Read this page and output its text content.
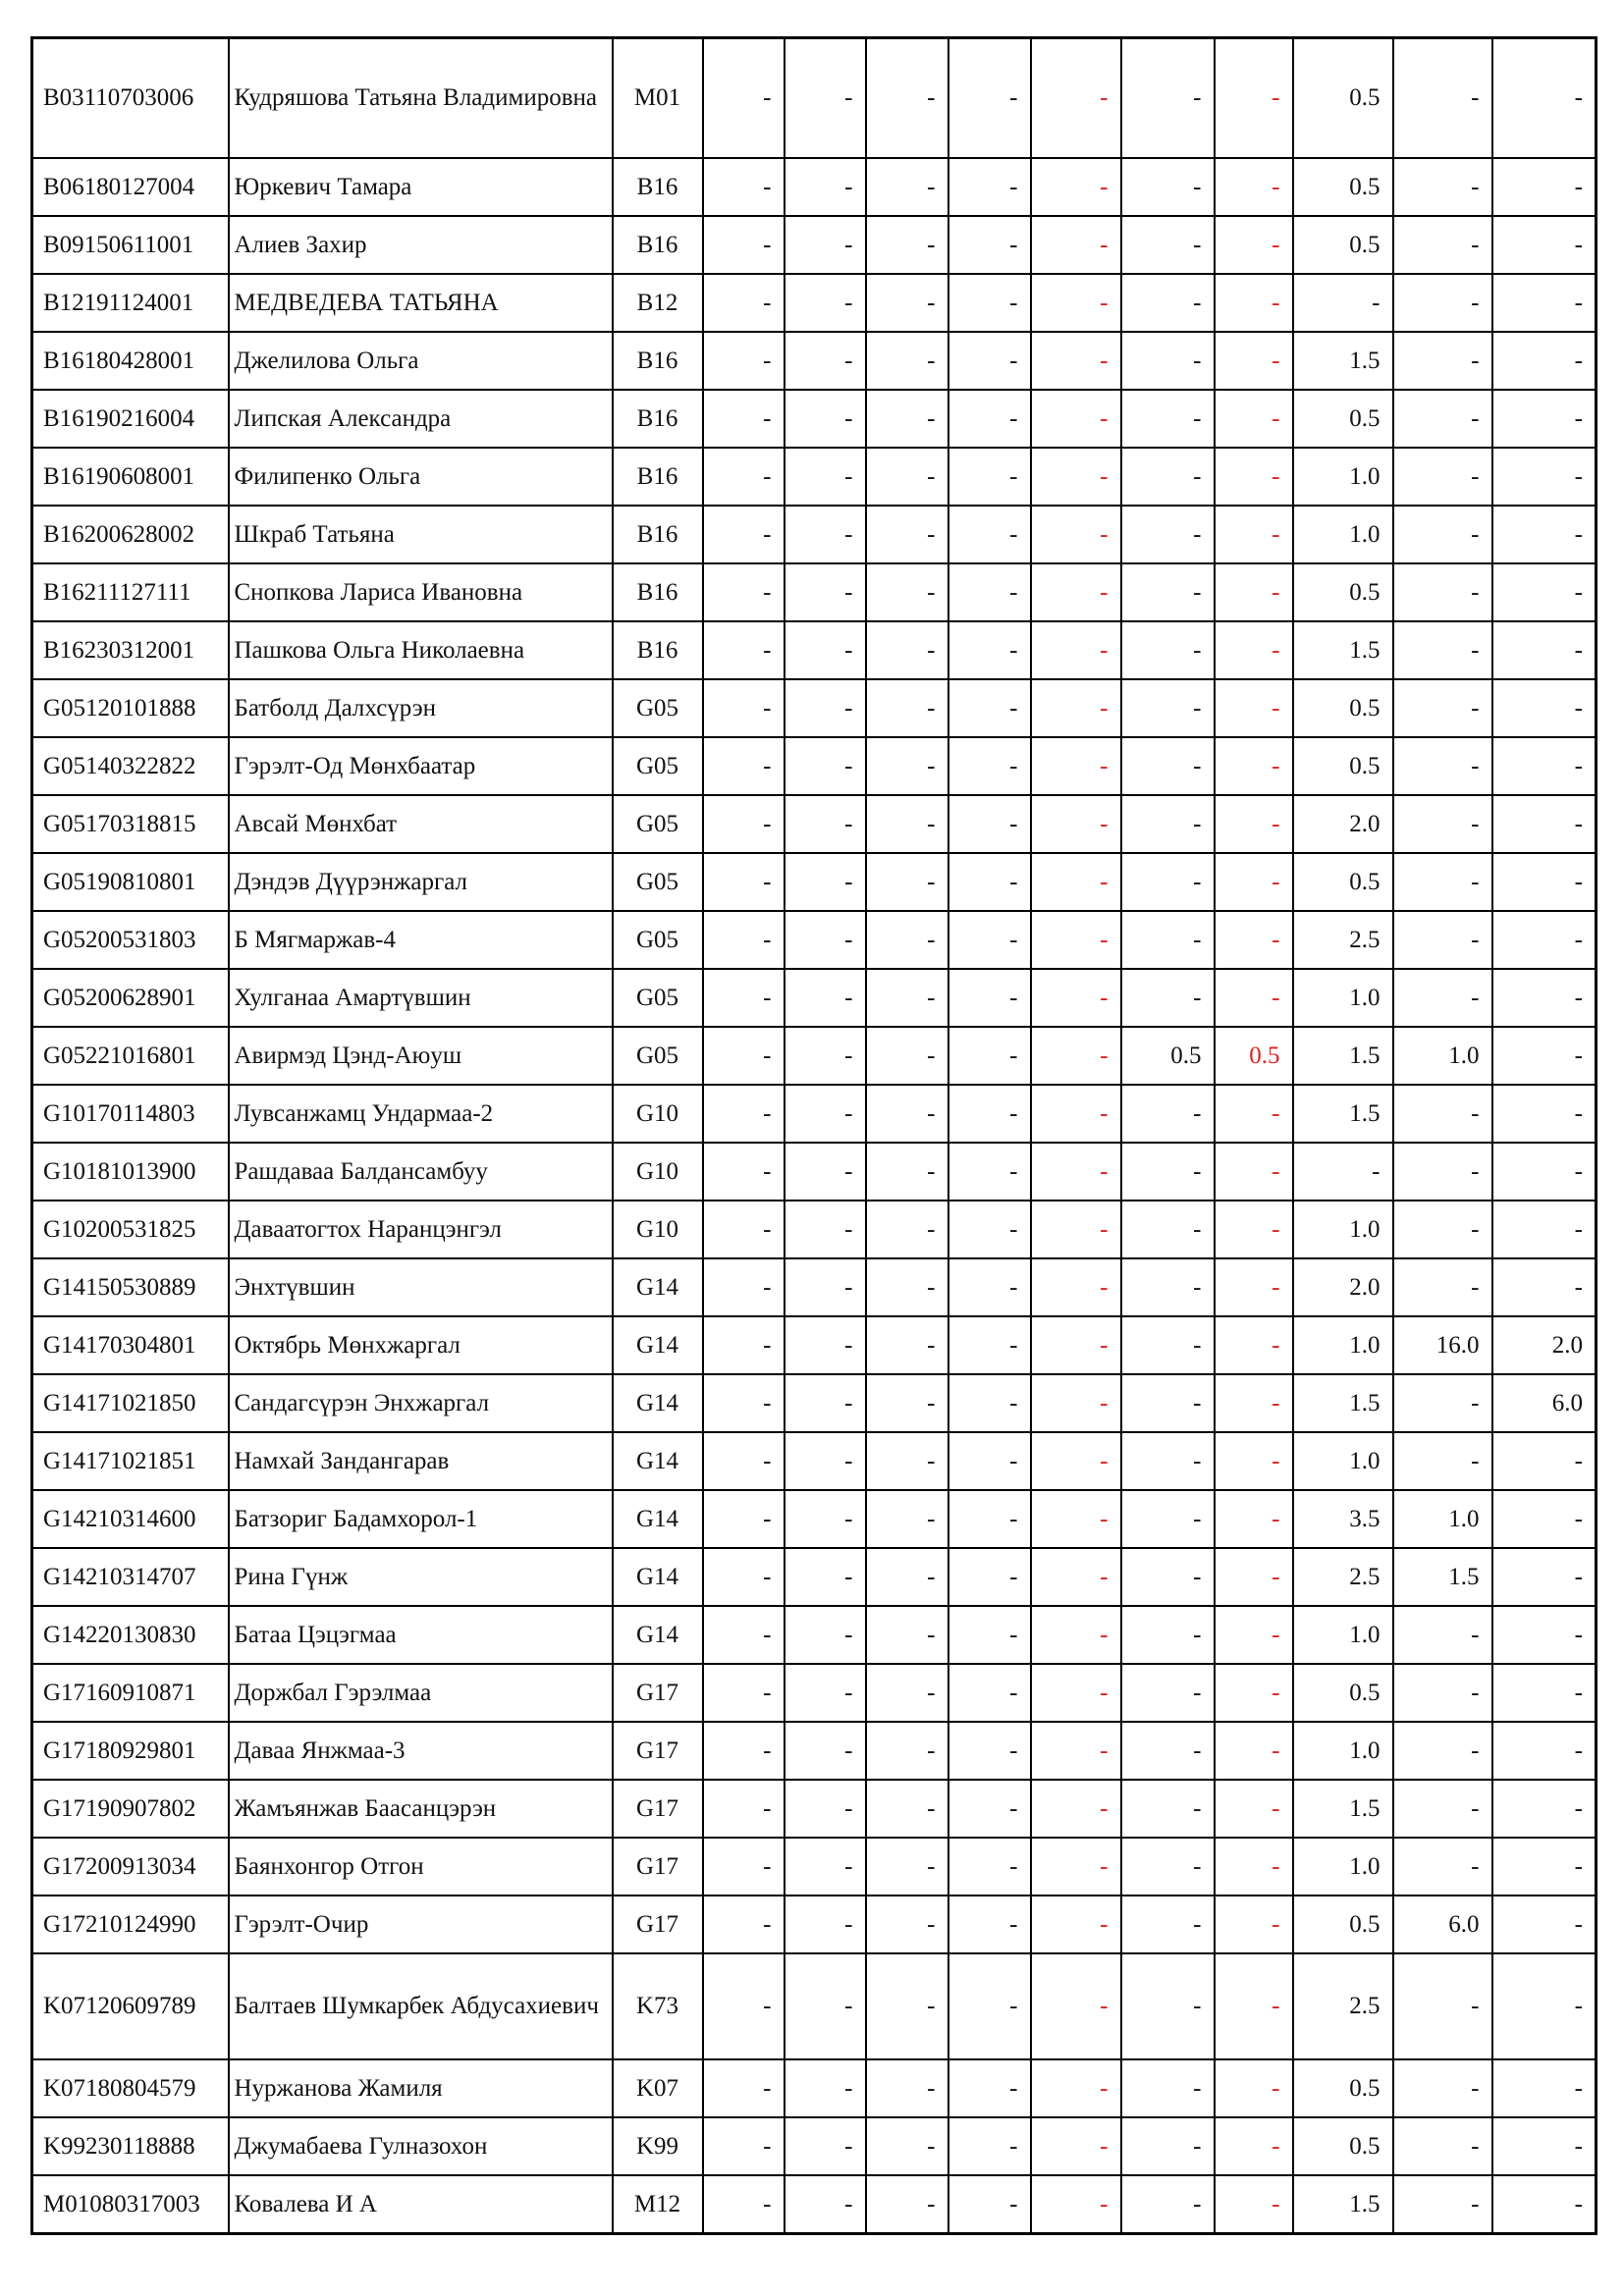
B03110703006	Кудряшова Татьяна Владимировна	M01	-	-	-	-	-	-	-	0.5	-	-
B06180127004	Юркевич Тамара	B16	-	-	-	-	-	-	-	0.5	-	-
B09150611001	Алиев Захир	B16	-	-	-	-	-	-	-	0.5	-	-
B12191124001	МЕДВЕДЕВА ТАТЬЯНА	B12	-	-	-	-	-	-	-	-	-	-
B16180428001	Джелилова Ольга	B16	-	-	-	-	-	-	-	1.5	-	-
B16190216004	Липская Александра	B16	-	-	-	-	-	-	-	0.5	-	-
B16190608001	Филипенко Ольга	B16	-	-	-	-	-	-	-	1.0	-	-
B16200628002	Шкраб Татьяна	B16	-	-	-	-	-	-	-	1.0	-	-
B16211127111	Снопкова Лариса Ивановна	B16	-	-	-	-	-	-	-	0.5	-	-
B16230312001	Пашкова Ольга Николаевна	B16	-	-	-	-	-	-	-	1.5	-	-
G05120101888	Батболд Далхсүрэн	G05	-	-	-	-	-	-	-	0.5	-	-
G05140322822	Гэрэлт-Од Мөнхбаатар	G05	-	-	-	-	-	-	-	0.5	-	-
G05170318815	Авсай Мөнхбат	G05	-	-	-	-	-	-	-	2.0	-	-
G05190810801	Дэндэв Дүүрэнжаргал	G05	-	-	-	-	-	-	-	0.5	-	-
G05200531803	Б Мягмаржав-4	G05	-	-	-	-	-	-	-	2.5	-	-
G05200628901	Хулганаа Амартүвшин	G05	-	-	-	-	-	-	-	1.0	-	-
G05221016801	Авирмэд Цэнд-Аюуш	G05	-	-	-	-	-	0.5	0.5	1.5	1.0	-
G10170114803	Лувсанжамц Ундармаа-2	G10	-	-	-	-	-	-	-	1.5	-	-
G10181013900	Рашдаваа Балдансамбуу	G10	-	-	-	-	-	-	-	-	-	-
G10200531825	Даваатогтох Наранцэнгэл	G10	-	-	-	-	-	-	-	1.0	-	-
G14150530889	Энхтүвшин	G14	-	-	-	-	-	-	-	2.0	-	-
G14170304801	Октябрь Мөнхжаргал	G14	-	-	-	-	-	-	-	1.0	16.0	2.0
G14171021850	Сандагсүрэн Энхжаргал	G14	-	-	-	-	-	-	-	1.5	-	6.0
G14171021851	Намхай Зандангарав	G14	-	-	-	-	-	-	-	1.0	-	-
G14210314600	Батзориг Бадамхорол-1	G14	-	-	-	-	-	-	-	3.5	1.0	-
G14210314707	Рина Гүнж	G14	-	-	-	-	-	-	-	2.5	1.5	-
G14220130830	Батаа Цэцэгмаа	G14	-	-	-	-	-	-	-	1.0	-	-
G17160910871	Доржбал Гэрэлмаа	G17	-	-	-	-	-	-	-	0.5	-	-
G17180929801	Даваа Янжмаа-3	G17	-	-	-	-	-	-	-	1.0	-	-
G17190907802	Жамъянжав Баасанцэрэн	G17	-	-	-	-	-	-	-	1.5	-	-
G17200913034	Баянхонгор Отгон	G17	-	-	-	-	-	-	-	1.0	-	-
G17210124990	Гэрэлт-Очир	G17	-	-	-	-	-	-	-	0.5	6.0	-
K07120609789	Балтаев Шумкарбек Абдусахиевич	K73	-	-	-	-	-	-	-	2.5	-	-
K07180804579	Нуржанова Жамиля	K07	-	-	-	-	-	-	-	0.5	-	-
K99230118888	Джумабаева Гулназохон	K99	-	-	-	-	-	-	-	0.5	-	-
M01080317003	Ковалева И А	M12	-	-	-	-	-	-	-	1.5	-	-
